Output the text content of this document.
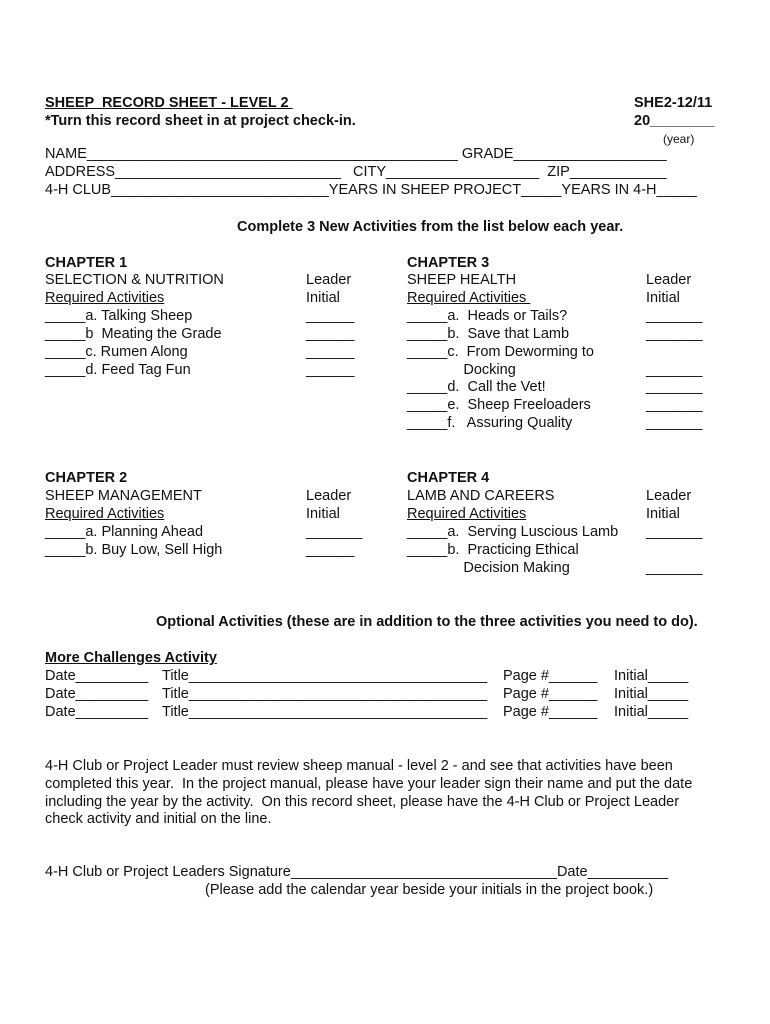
SHEEP  RECORD SHEET - LEVEL 2
*Turn this record sheet in at project check-in.
SHE2-12/11
20________
(year)
NAME______________________________________________ GRADE___________________
ADDRESS____________________________   CITY___________________  ZIP____________
4-H CLUB___________________________YEARS IN SHEEP PROJECT_____YEARS IN 4-H_____
Complete 3 New Activities from the list below each year.
CHAPTER 1
SELECTION & NUTRITION
Required Activities
Leader
Initial
_____a. Talking Sheep	______
_____b  Meating the Grade	______
_____c. Rumen Along	______
_____d. Feed Tag Fun	______
CHAPTER 3
SHEEP HEALTH
Required Activities
Leader
Initial
_____a.  Heads or Tails?	_______
_____b.  Save that Lamb	_______
_____c.  From Deworming to
Docking	_______
_____d.  Call the Vet!	_______
_____e.  Sheep Freeloaders	_______
_____f.   Assuring Quality	_______
CHAPTER 2
SHEEP MANAGEMENT
Required Activities
Leader
Initial
_____a. Planning Ahead	_______
_____b. Buy Low, Sell High	______
CHAPTER 4
LAMB AND CAREERS
Required Activities
Leader
Initial
_____a.  Serving Luscious Lamb _______
_____b.  Practicing Ethical
Decision Making	_______
Optional Activities (these are in addition to the three activities you need to do).
More Challenges Activity
Date_________ Title_____________________________________ Page #______ Initial_____
Date_________ Title_____________________________________ Page #______ Initial_____
Date_________ Title_____________________________________ Page #______ Initial_____
4-H Club or Project Leader must review sheep manual - level 2 - and see that activities have been
completed this year.  In the project manual, please have your leader sign their name and put the date
including the year by the activity.  On this record sheet, please have the 4-H Club or Project Leader
check activity and initial on the line.
4-H Club or Project Leaders Signature_________________________________Date__________
(Please add the calendar year beside your initials in the project book.)
